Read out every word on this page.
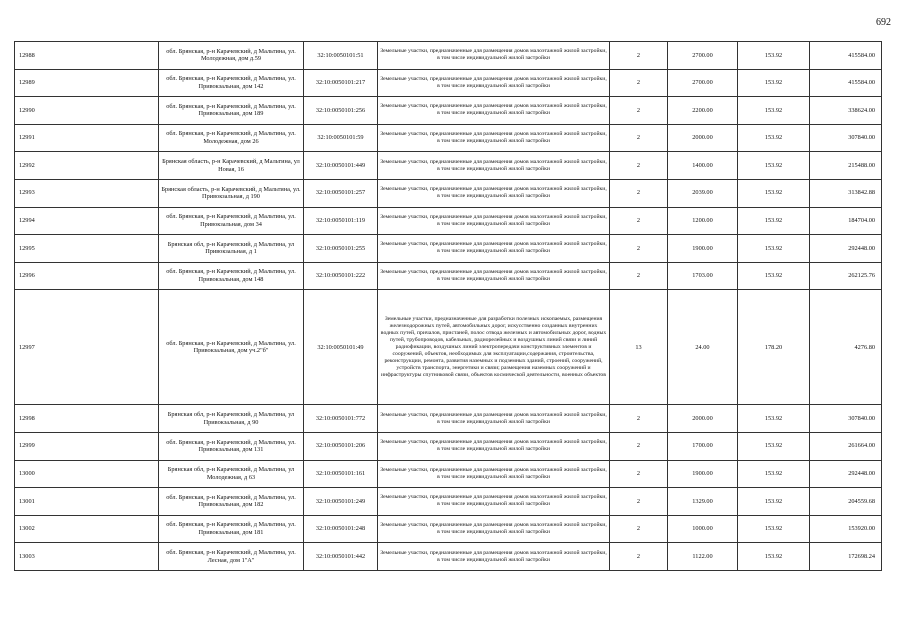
692
12988	обл. Брянская, р-н Карачевский, д Мальтина, ул. Молодежная, дом д.59	32:10:0050101:51	Земельные участки, предназначенные для размещения домов малоэтажной жилой застройки, в том числе индивидуальной жилой застройки	2	2700.00	153.92	415584.00
12989	обл. Брянская, р-н Карачевский, д Мальтина, ул. Привокзальная, дом 142	32:10:0050101:217	Земельные участки, предназначенные для размещения домов малоэтажной жилой застройки, в том числе индивидуальной жилой застройки	2	2700.00	153.92	415584.00
12990	обл. Брянская, р-н Карачевский, д Мальтина, ул. Привокзальная, дом 189	32:10:0050101:256	Земельные участки, предназначенные для размещения домов малоэтажной жилой застройки, в том числе индивидуальной жилой застройки	2	2200.00	153.92	338624.00
12991	обл. Брянская, р-н Карачевский, д Мальтина, ул. Молодежная, дом 26	32:10:0050101:59	Земельные участки, предназначенные для размещения домов малоэтажной жилой застройки, в том числе индивидуальной жилой застройки	2	2000.00	153.92	307840.00
12992	Брянская область, р-н Карачевский, д Мальтина, ул Новая, 16	32:10:0050101:449	Земельные участки, предназначенные для размещения домов малоэтажной жилой застройки, в том числе индивидуальной жилой застройки	2	1400.00	153.92	215488.00
12993	Брянская область, р-н Карачевский, д Мальтина, ул. Привокзальная, д 190	32:10:0050101:257	Земельные участки, предназначенные для размещения домов малоэтажной жилой застройки, в том числе индивидуальной жилой застройки	2	2039.00	153.92	313842.88
12994	обл. Брянская, р-н Карачевский, д Мальтина, ул. Привокзальная, дом 34	32:10:0050101:119	Земельные участки, предназначенные для размещения домов малоэтажной жилой застройки, в том числе индивидуальной жилой застройки	2	1200.00	153.92	184704.00
12995	Брянская обл, р-н Карачевский, д Мальтина, ул Привокзальная, д 1	32:10:0050101:255	Земельные участки, предназначенные для размещения домов малоэтажной жилой застройки, в том числе индивидуальной жилой застройки	2	1900.00	153.92	292448.00
12996	обл. Брянская, р-н Карачевский, д Мальтина, ул. Привокзальная, дом 148	32:10:0050101:222	Земельные участки, предназначенные для размещения домов малоэтажной жилой застройки, в том числе индивидуальной жилой застройки	2	1703.00	153.92	262125.76
12997	обл. Брянская, р-н Карачевский, д Мальтина, ул. Привокзальная, дом уч.2"б"	32:10:0050101:49	Земельные участки, предназначенные для разработки полезных ископаемых, размещения железнодорожных путей, автомобильных дорог, искусственно созданных внутренних водных путей, причалов, пристаней, полос отвода железных и автомобильных дорог, водных путей, трубопроводов, кабельных, радиорелейных и воздушных линий связи и линий радиофикации, воздушных линий электропередачи конструктивных элементов и сооружений, объектов, необходимых для эксплуатации,содержания, строительства, реконструкции, ремонта, развития наземных и подземных зданий, строений, сооружений, устройств транспорта, энергетики и связи; размещения наземных сооружений и инфраструктуры спутниковой связи, объектов космической деятельности, военных объектов	13	24.00	178.20	4276.80
12998	Брянская обл, р-н Карачевский, д Мальтина, ул Привокзальная, д 90	32:10:0050101:772	Земельные участки, предназначенные для размещения домов малоэтажной жилой застройки, в том числе индивидуальной жилой застройки	2	2000.00	153.92	307840.00
12999	обл. Брянская, р-н Карачевский, д Мальтина, ул. Привокзальная, дом 131	32:10:0050101:206	Земельные участки, предназначенные для размещения домов малоэтажной жилой застройки, в том числе индивидуальной жилой застройки	2	1700.00	153.92	261664.00
13000	Брянская обл, р-н Карачевский, д Мальтина, ул Молодежная, д 63	32:10:0050101:161	Земельные участки, предназначенные для размещения домов малоэтажной жилой застройки, в том числе индивидуальной жилой застройки	2	1900.00	153.92	292448.00
13001	обл. Брянская, р-н Карачевский, д Мальтина, ул. Привокзальная, дом 182	32:10:0050101:249	Земельные участки, предназначенные для размещения домов малоэтажной жилой застройки, в том числе индивидуальной жилой застройки	2	1329.00	153.92	204559.68
13002	обл. Брянская, р-н Карачевский, д Мальтина, ул. Привокзальная, дом 181	32:10:0050101:248	Земельные участки, предназначенные для размещения домов малоэтажной жилой застройки, в том числе индивидуальной жилой застройки	2	1000.00	153.92	153920.00
13003	обл. Брянская, р-н Карачевский, д Мальтина, ул. Лесная, дом 1"А"	32:10:0050101:442	Земельные участки, предназначенные для размещения домов малоэтажной жилой застройки, в том числе индивидуальной жилой застройки	2	1122.00	153.92	172698.24
